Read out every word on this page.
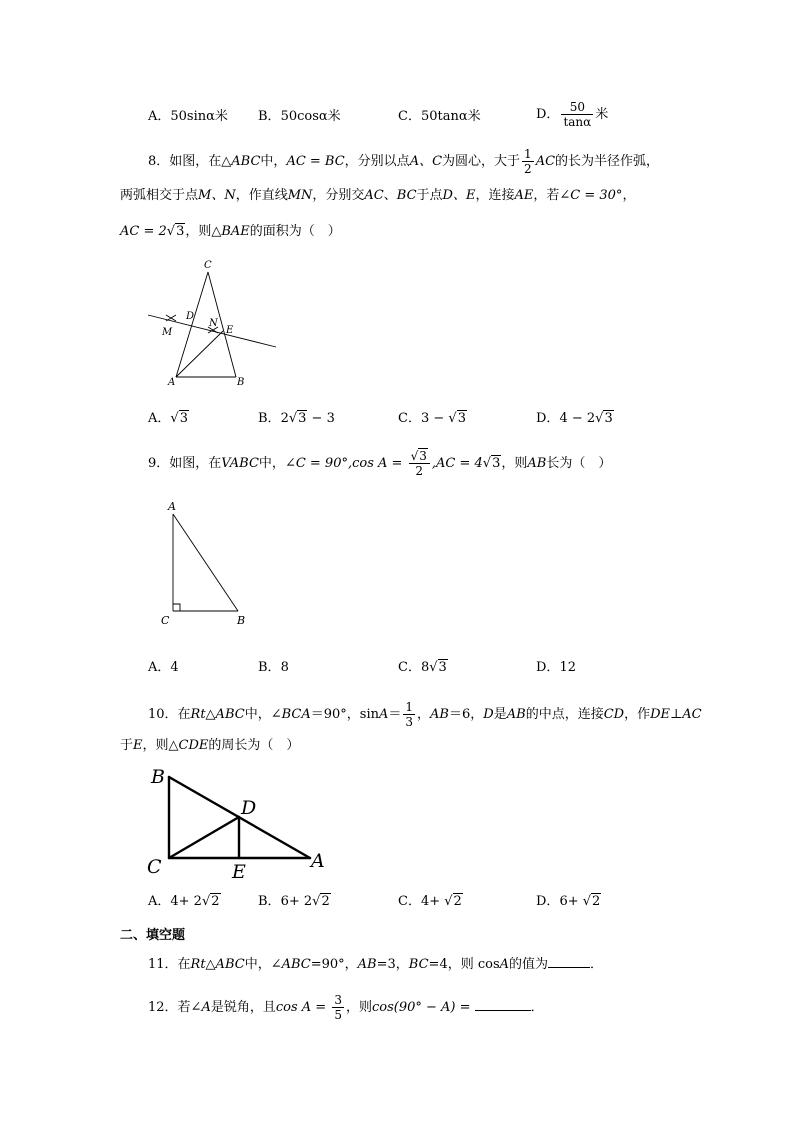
A．50sinα米 B．50cosα米	C．50tanα米	D． $\frac{50}{\tan\alpha}$ 米
8．如图，在△ABC中，AC = BC，分别以点A、C为圆心，大于 $\frac{1}{2}$ AC的长为半径作弧，
两弧相交于点M、N，作直线MN，分别交AC、BC于点D、E，连接AE，若∠C = 30°，
AC = 2√3，则△BAE的面积为（　）
C
D
N
E
M
A	B
A．√3	B．2√3 − 3	C．3 − √3	D．4 − 2√3
9．如图，在VABC中，∠C = 90°,cos $A = \frac{√3}{2} ,AC = 4√3$，则AB长为（　）
A
C	B
A．4	B．8	C．8√3	D．12
10．在Rt△ABC中，∠BCA＝90°，$\sin A= \frac{1}{3}$ ，AB＝6，D是AB的中点，连接CD，作DE⊥AC
于E，则△CDE的周长为（　）
B
D
C	E	A
A．4+ 2√2	B．6+ 2√2	C．4+ √2	D．6+ √2
二、填空题
11．在Rt△ABC中，∠ABC=90°，AB=3，BC=4，则 cosA的值为	．
12．若∠A是锐角，且$\cos A = \frac{3}{5}$ ，则cos(90° − A) =	．
